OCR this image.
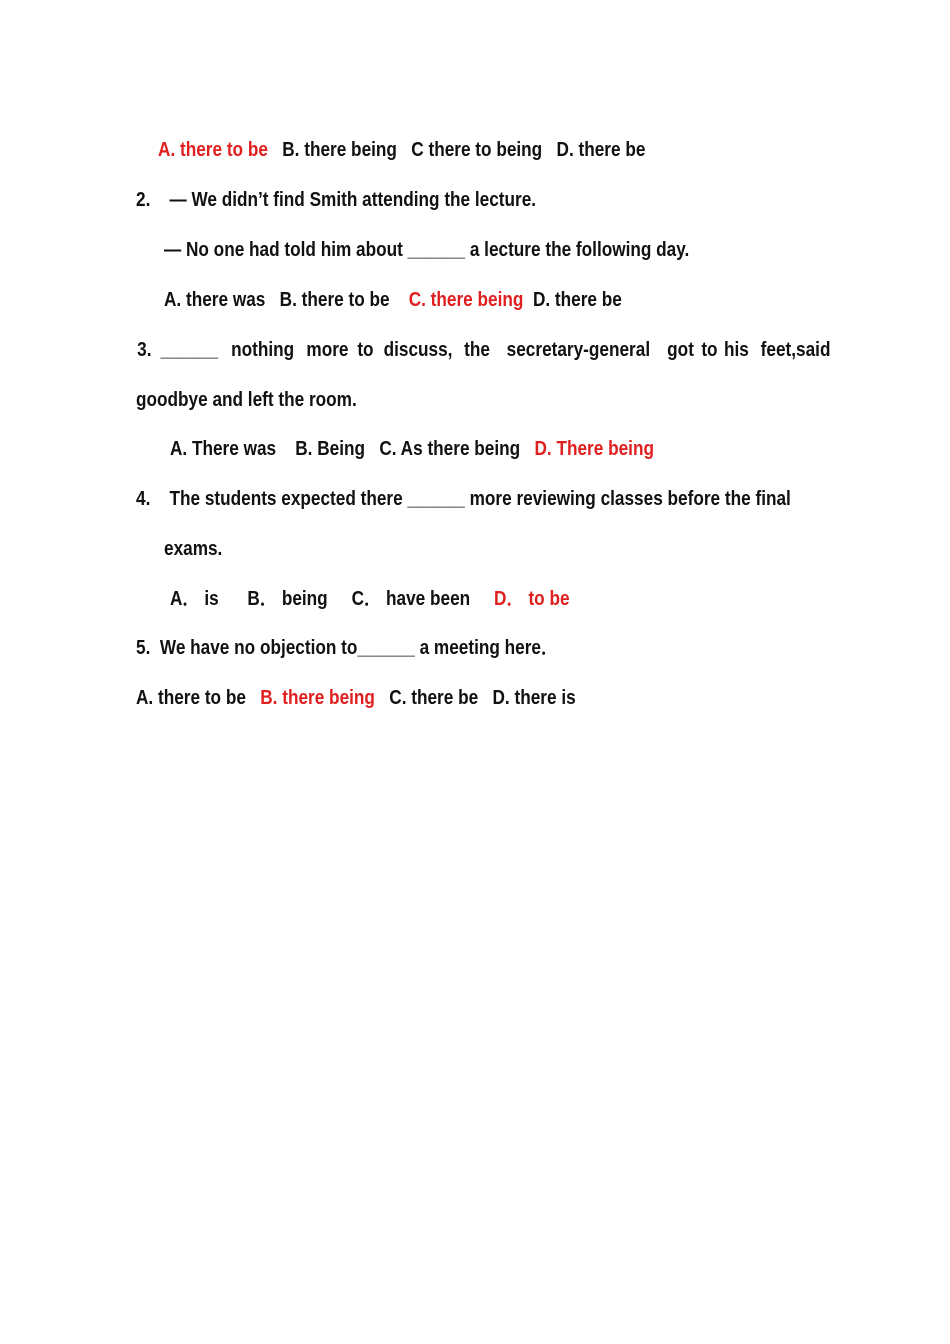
A. there to be B. there being C there to being D. there be
2.    — We didn’t find Smith attending the lecture.
— No one had told him about ______ a lecture the following day.
A. there was B. there to be C. there being D. there be
3. ______ nothing more to discuss, the secretary-general got to his feet,said
goodbye and left the room.
A. There was B. Being C. As there being D. There being
4.    The students expected there ______ more reviewing classes before the final
exams.
A． is B． being C． have been D． to be
5.  We have no objection to______ a meeting here．
A. there to be B. there being C. there be D. there is
